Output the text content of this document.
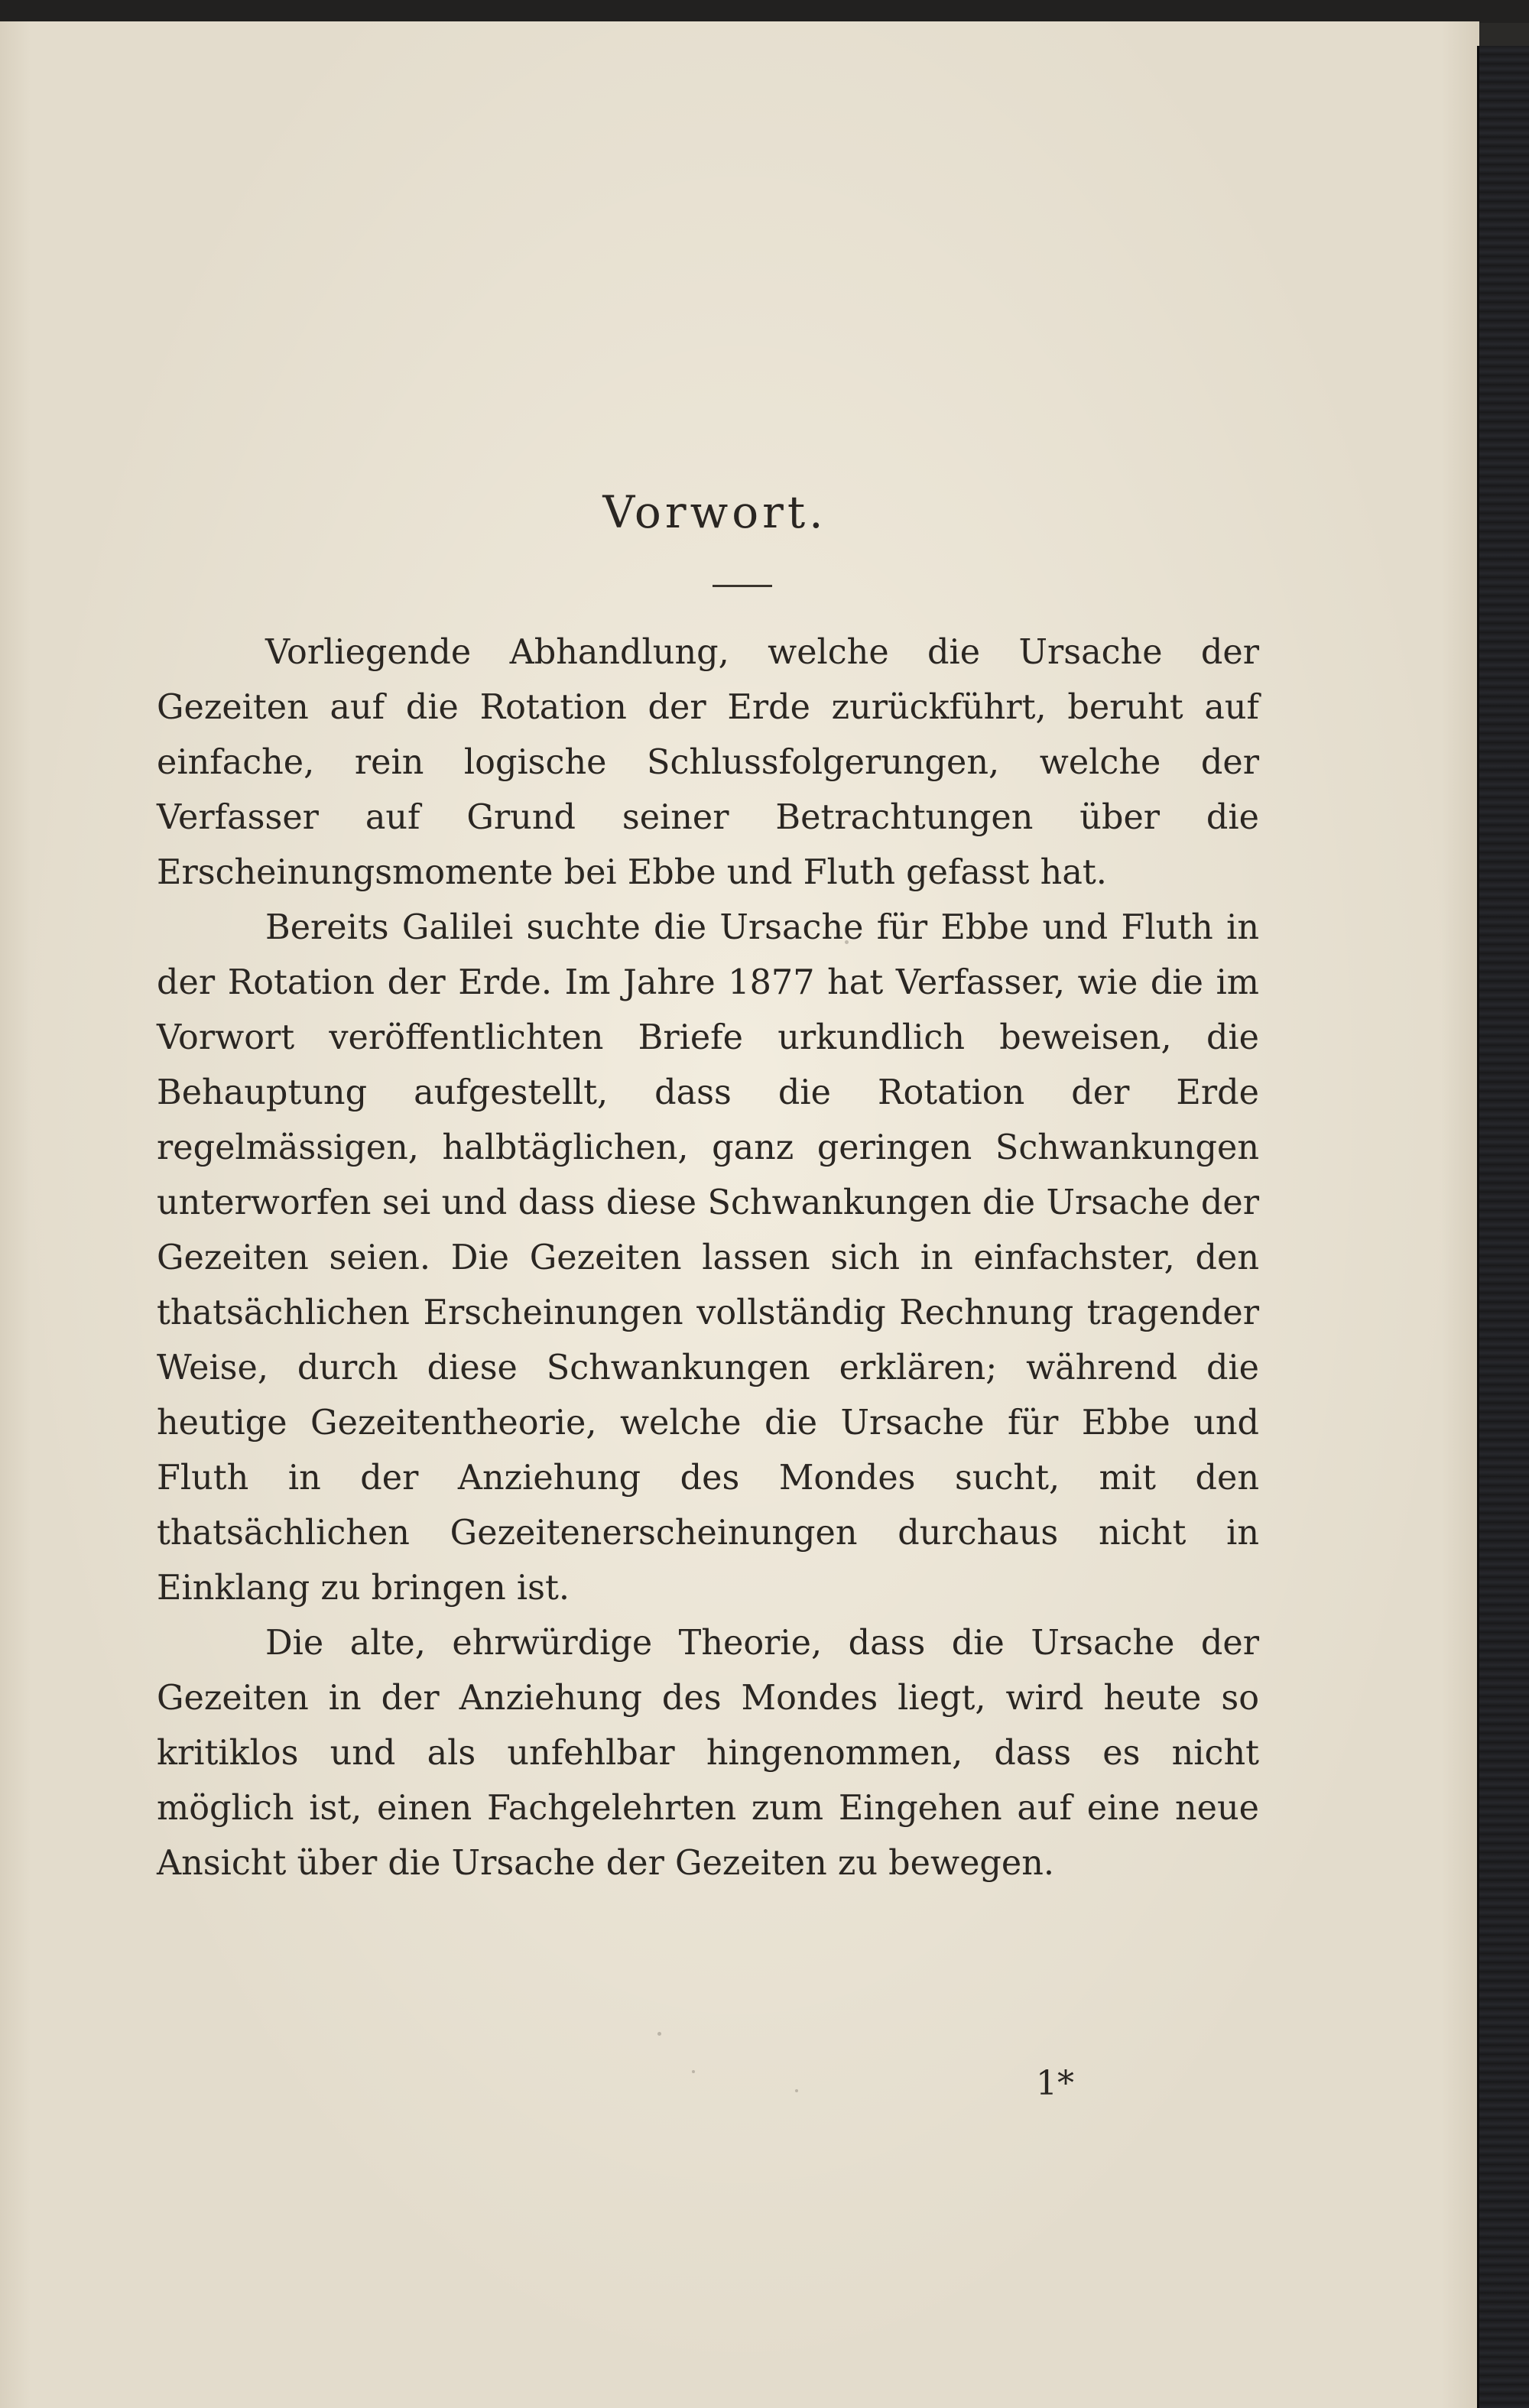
Vorwort.

Vorliegende Abhandlung, welche die Ursache der Gezeiten auf die Rotation der Erde zurückführt, beruht auf einfache, rein logische Schlussfolgerungen, welche der Verfasser auf Grund seiner Betrachtungen über die Erscheinungsmomente bei Ebbe und Fluth gefasst hat.

Bereits Galilei suchte die Ursache für Ebbe und Fluth in der Rotation der Erde. Im Jahre 1877 hat Verfasser, wie die im Vorwort veröffentlichten Briefe urkundlich beweisen, die Behauptung aufgestellt, dass die Rotation der Erde regelmässigen, halbtäglichen, ganz geringen Schwankungen unterworfen sei und dass diese Schwankungen die Ursache der Gezeiten seien. Die Gezeiten lassen sich in einfachster, den thatsächlichen Erscheinungen vollständig Rechnung tragender Weise, durch diese Schwankungen erklären; während die heutige Gezeitentheorie, welche die Ursache für Ebbe und Fluth in der Anziehung des Mondes sucht, mit den thatsächlichen Gezeitenerscheinungen durchaus nicht in Einklang zu bringen ist.

Die alte, ehrwürdige Theorie, dass die Ursache der Gezeiten in der Anziehung des Mondes liegt, wird heute so kritiklos und als unfehlbar hingenommen, dass es nicht möglich ist, einen Fachgelehrten zum Eingehen auf eine neue Ansicht über die Ursache der Gezeiten zu bewegen.

1*
